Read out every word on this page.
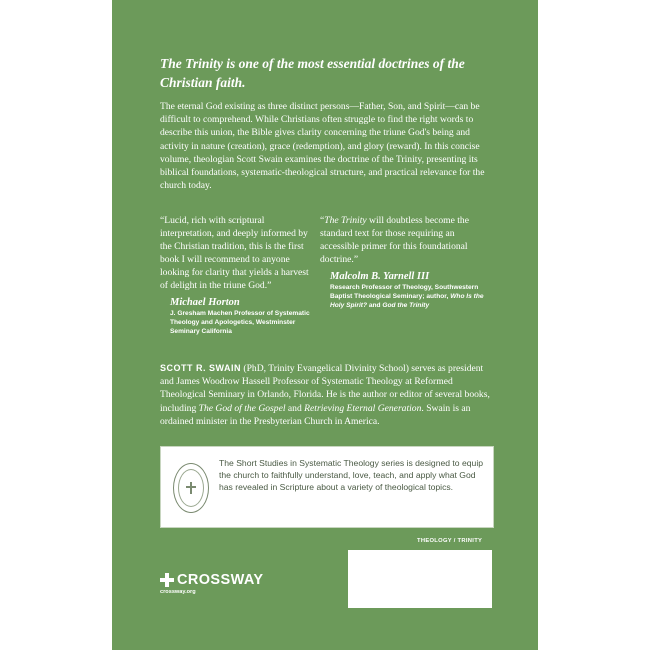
The Trinity is one of the most essential doctrines of the Christian faith.

The eternal God existing as three distinct persons—Father, Son, and Spirit—can be difficult to comprehend. While Christians often struggle to find the right words to describe this union, the Bible gives clarity concerning the triune God's being and activity in nature (creation), grace (redemption), and glory (reward). In this concise volume, theologian Scott Swain examines the doctrine of the Trinity, presenting its biblical foundations, systematic-theological structure, and practical relevance for the church today.

“Lucid, rich with scriptural interpretation, and deeply informed by the Christian tradition, this is the first book I will recommend to anyone looking for clarity that yields a harvest of delight in the triune God.”

Michael Horton
J. Gresham Machen Professor of Systematic Theology and Apologetics, Westminster Seminary California

“The Trinity will doubtless become the standard text for those requiring an accessible primer for this foundational doctrine.”

Malcolm B. Yarnell III
Research Professor of Theology, Southwestern Baptist Theological Seminary; author, Who Is the Holy Spirit? and God the Trinity

SCOTT R. SWAIN (PhD, Trinity Evangelical Divinity School) serves as president and James Woodrow Hassell Professor of Systematic Theology at Reformed Theological Seminary in Orlando, Florida. He is the author or editor of several books, including The God of the Gospel and Retrieving Eternal Generation. Swain is an ordained minister in the Presbyterian Church in America.

The Short Studies in Systematic Theology series is designed to equip the church to faithfully understand, love, teach, and apply what God has revealed in Scripture about a variety of theological topics.

THEOLOGY / TRINITY
CROSSWAY
crossway.org
